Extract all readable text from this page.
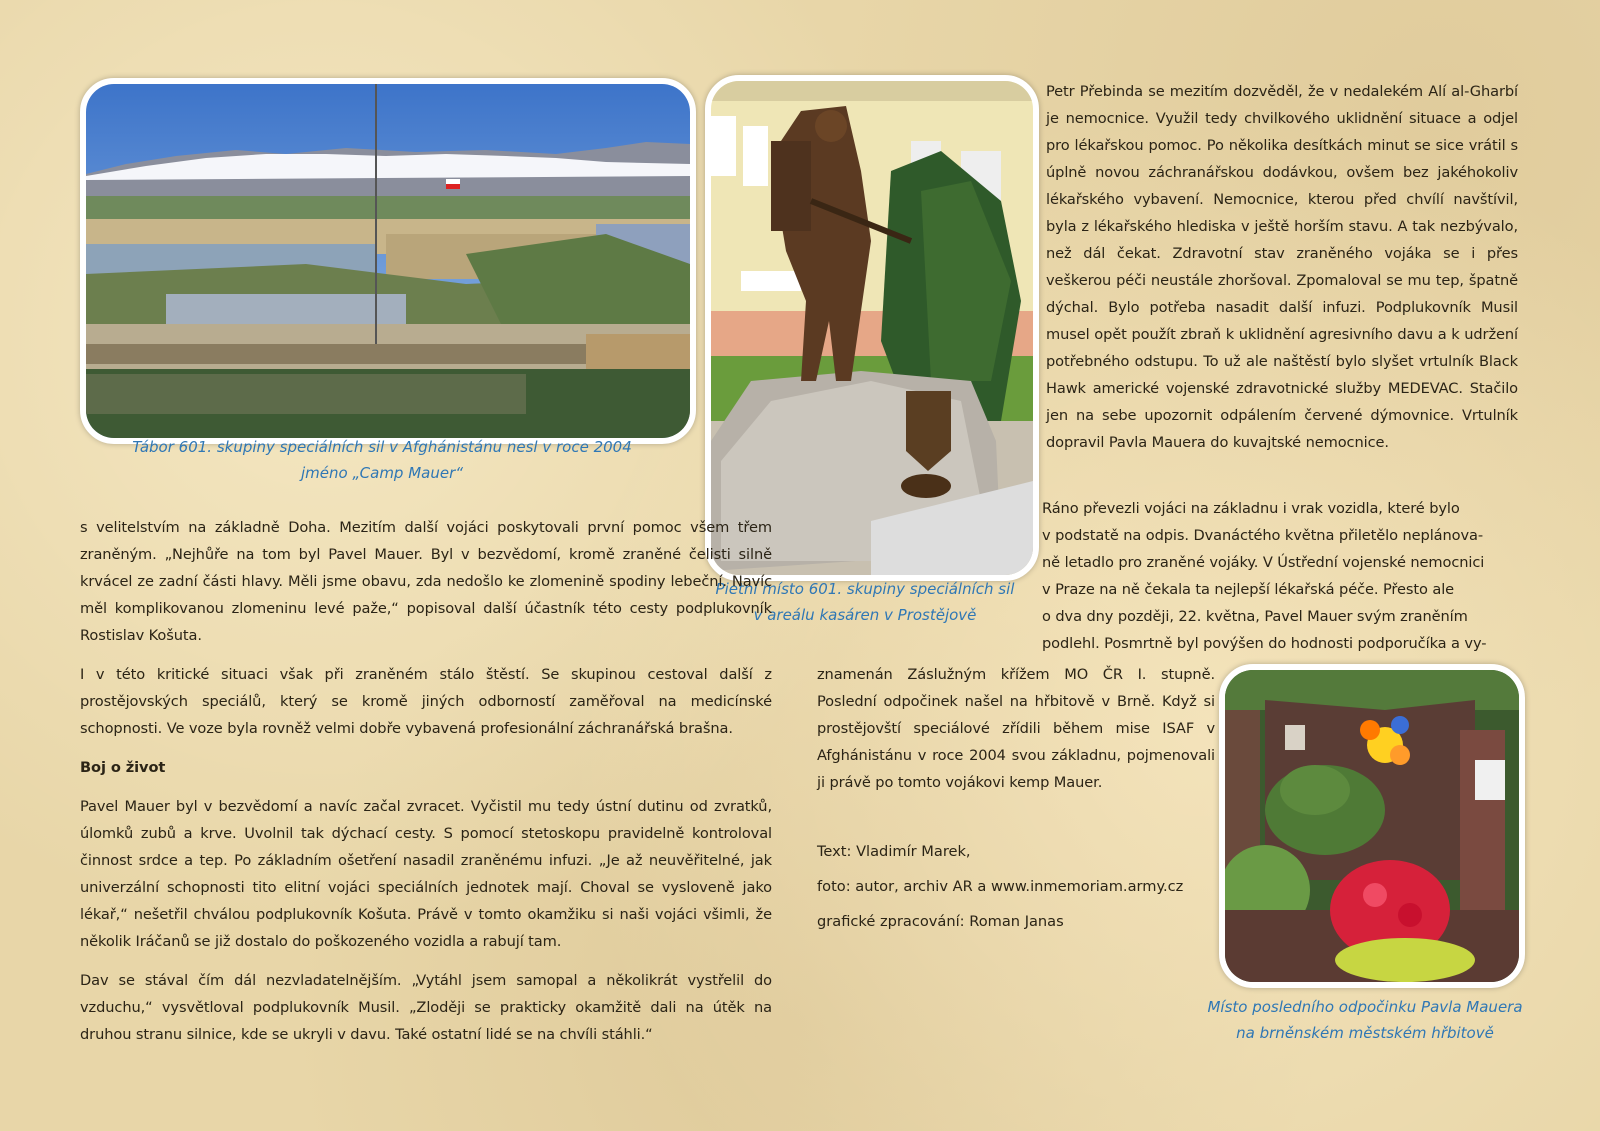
Tábor 601. skupiny speciálních sil v Afghánistánu nesl v roce 2004
jméno „Camp Mauer“
Pietní místo 601. skupiny speciálních sil
v areálu kasáren v Prostějově
Místo posledního odpočinku Pavla Mauera
na brněnském městském hřbitově

s velitelstvím na základně Doha. Mezitím další vojáci poskytovali první pomoc všem třem zraněným. „Nejhůře na tom byl Pavel Mauer. Byl v bezvědomí, kromě zraněné čelisti silně krvácel ze zadní části hlavy. Měli jsme obavu, zda nedošlo ke zlomenině spodiny lebeční. Navíc měl komplikovanou zlomeninu levé paže,“ popisoval další účastník této cesty podplukovník Rostislav Košuta.

I v této kritické situaci však při zraněném stálo štěstí. Se skupinou cestoval další z prostějovských speciálů, který se kromě jiných odborností zaměřoval na medicínské schopnosti. Ve voze byla rovněž velmi dobře vybavená profesionální záchranářská brašna.

Boj o život

Pavel Mauer byl v bezvědomí a navíc začal zvracet. Vyčistil mu tedy ústní dutinu od zvratků, úlomků zubů a krve. Uvolnil tak dýchací cesty. S pomocí stetoskopu pravidelně kontroloval činnost srdce a tep. Po základním ošetření nasadil zraněnému infuzi. „Je až neuvěřitelné, jak univerzální schopnosti tito elitní vojáci speciálních jednotek mají. Choval se vysloveně jako lékař,“ nešetřil chválou podplukovník Košuta. Právě v tomto okamžiku si naši vojáci všimli, že několik Iráčanů se již dostalo do poškozeného vozidla a rabují tam.

Dav se stával čím dál nezvladatelnějším. „Vytáhl jsem samopal a několikrát vystřelil do vzduchu,“ vysvětloval podplukovník Musil. „Zloději se prakticky okamžitě dali na útěk na druhou stranu silnice, kde se ukryli v davu. Také ostatní lidé se na chvíli stáhli.“

Petr Přebinda se mezitím dozvěděl, že v nedalekém Alí al-Gharbí je nemocnice. Využil tedy chvilkového uklidnění situace a odjel pro lékařskou pomoc. Po několika desítkách minut se sice vrátil s úplně novou záchranářskou dodávkou, ovšem bez jakéhokoliv lékařského vybavení. Nemocnice, kterou před chvílí navštívil, byla z lékařského hlediska v ještě horším stavu. A tak nezbývalo, než dál čekat. Zdravotní stav zraněného vojáka se i přes veškerou péči neustále zhoršoval. Zpomaloval se mu tep, špatně dýchal. Bylo potřeba nasadit další infuzi. Podplukovník Musil musel opět použít zbraň k uklidnění agresivního davu a k udržení potřebného odstupu. To už ale naštěstí bylo slyšet vrtulník Black Hawk americké vojenské zdravotnické služby MEDEVAC. Stačilo jen na sebe upozornit odpálením červené dýmovnice. Vrtulník dopravil Pavla Mauera do kuvajtské nemocnice.

Ráno převezli vojáci na základnu i vrak vozidla, které bylo
v podstatě na odpis. Dvanáctého května přiletělo neplánova-
ně letadlo pro zraněné vojáky. V Ústřední vojenské nemocnici
v Praze na ně čekala ta nejlepší lékařská péče. Přesto ale
o dva dny později, 22. května, Pavel Mauer svým zraněním
podlehl. Posmrtně byl povýšen do hodnosti podporučíka a vy-

znamenán Záslužným křížem MO ČR I. stupně. Poslední odpočinek našel na hřbitově v Brně. Když si prostějovští speciálové zřídili během mise ISAF v Afghánistánu v roce 2004 svou základnu, pojmenovali ji právě po tomto vojákovi kemp Mauer.

Text: Vladimír Marek,
foto: autor, archiv AR a www.inmemoriam.army.cz
grafické zpracování: Roman Janas
